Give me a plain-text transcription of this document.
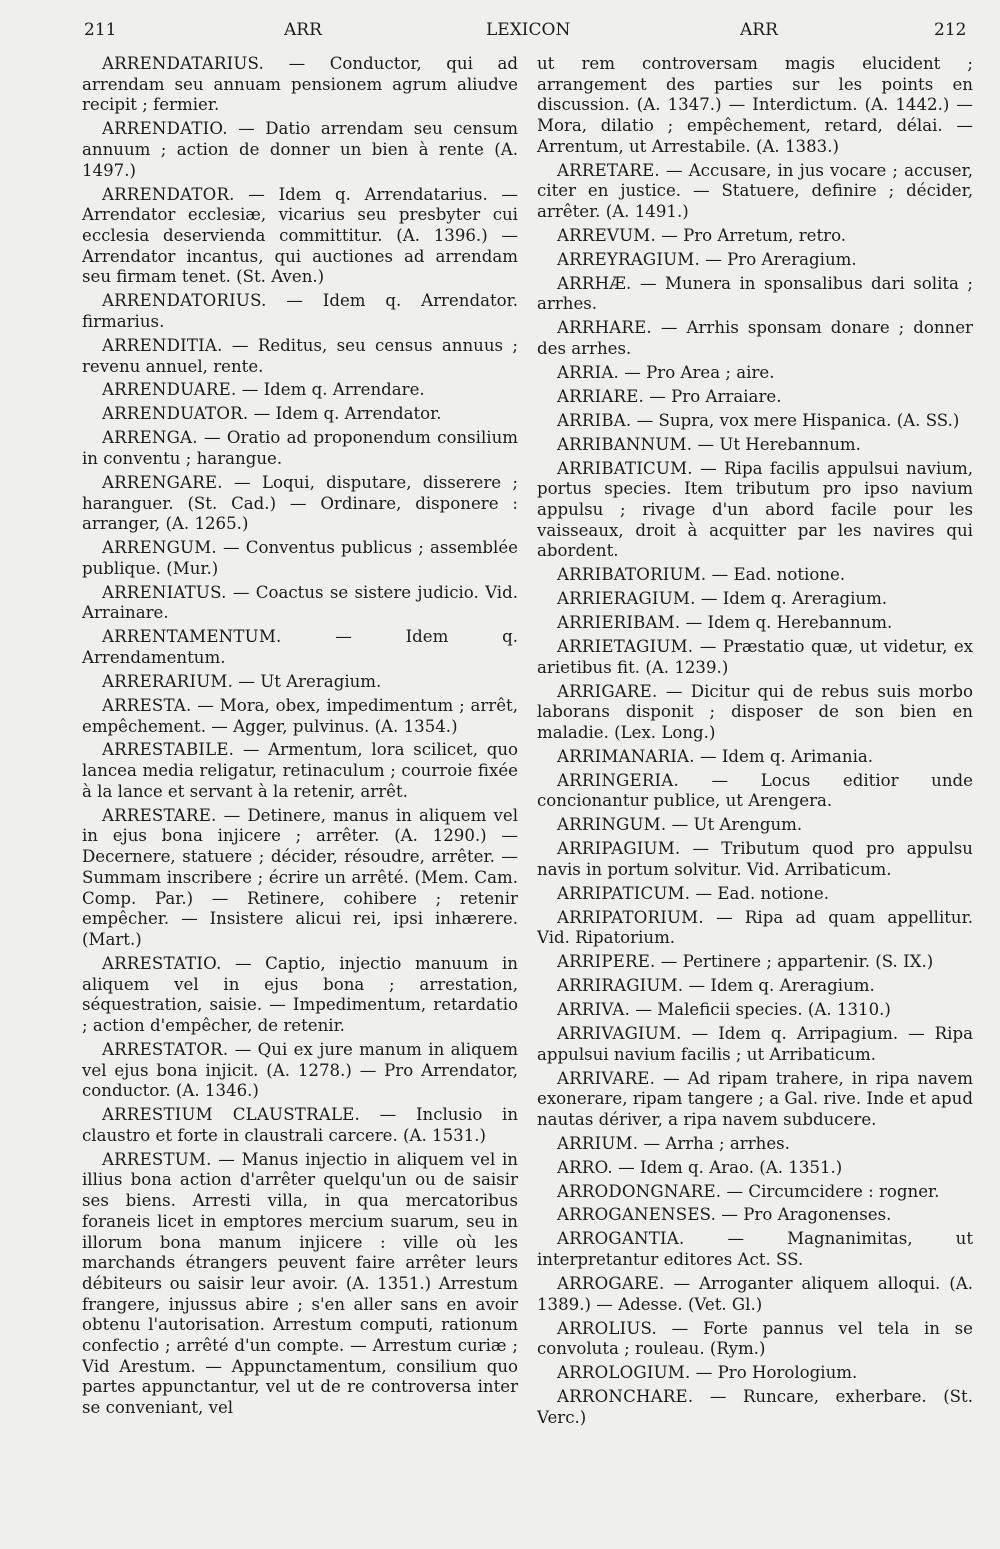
211	ARR	LEXICON	ARR	212

ARRENDATARIUS. — Conductor, qui ad arrendam seu annuam pensionem agrum aliudve recipit ; fermier.

ARRENDATIO. — Datio arrendam seu censum annuum ; action de donner un bien à rente (A. 1497.)

ARRENDATOR. — Idem q. Arrendatarius. — Arrendator ecclesiæ, vicarius seu presbyter cui ecclesia deservienda committitur. (A. 1396.) — Arrendator incantus, qui auctiones ad arrendam seu firmam tenet. (St. Aven.)

ARRENDATORIUS. — Idem q. Arrendator. firmarius.

ARRENDITIA. — Reditus, seu census annuus ; revenu annuel, rente.

ARRENDUARE. — Idem q. Arrendare.

ARRENDUATOR. — Idem q. Arrendator.

ARRENGA. — Oratio ad proponendum consilium in conventu ; harangue.

ARRENGARE. — Loqui, disputare, disserere ; haranguer. (St. Cad.) — Ordinare, disponere : arranger, (A. 1265.)

ARRENGUM. — Conventus publicus ; assemblée publique. (Mur.)

ARRENIATUS. — Coactus se sistere judicio. Vid. Arrainare.

ARRENTAMENTUM. — Idem q. Arrendamentum.

ARRERARIUM. — Ut Areragium.

ARRESTA. — Mora, obex, impedimentum ; arrêt, empêchement. — Agger, pulvinus. (A. 1354.)

ARRESTABILE. — Armentum, lora scilicet, quo lancea media religatur, retinaculum ; courroie fixée à la lance et servant à la retenir, arrêt.

ARRESTARE. — Detinere, manus in aliquem vel in ejus bona injicere ; arrêter. (A. 1290.) — Decernere, statuere ; décider, résoudre, arrêter. — Summam inscribere ; écrire un arrêté. (Mem. Cam. Comp. Par.) — Retinere, cohibere ; retenir empêcher. — Insistere alicui rei, ipsi inhærere. (Mart.)

ARRESTATIO. — Captio, injectio manuum in aliquem vel in ejus bona ; arrestation, séquestration, saisie. — Impedimentum, retardatio ; action d'empêcher, de retenir.

ARRESTATOR. — Qui ex jure manum in aliquem vel ejus bona injicit. (A. 1278.) — Pro Arrendator, conductor. (A. 1346.)

ARRESTIUM CLAUSTRALE. — Inclusio in claustro et forte in claustrali carcere. (A. 1531.)

ARRESTUM. — Manus injectio in aliquem vel in illius bona action d'arrêter quelqu'un ou de saisir ses biens. Arresti villa, in qua mercatoribus foraneis licet in emptores mercium suarum, seu in illorum bona manum injicere : ville où les marchands étrangers peuvent faire arrêter leurs débiteurs ou saisir leur avoir. (A. 1351.) Arrestum frangere, injussus abire ; s'en aller sans en avoir obtenu l'autorisation. Arrestum computi, rationum confectio ; arrêté d'un compte. — Arrestum curiæ ; Vid Arestum. — Appunctamentum, consilium quo partes appunctantur, vel ut de re controversa inter se conveniant, vel

ut rem controversam magis elucident ; arrangement des parties sur les points en discussion. (A. 1347.) — Interdictum. (A. 1442.) — Mora, dilatio ; empêchement, retard, délai. — Arrentum, ut Arrestabile. (A. 1383.)

ARRETARE. — Accusare, in jus vocare ; accuser, citer en justice. — Statuere, definire ; décider, arrêter. (A. 1491.)

ARREVUM. — Pro Arretum, retro.

ARREYRAGIUM. — Pro Areragium.

ARRHÆ. — Munera in sponsalibus dari solita ; arrhes.

ARRHARE. — Arrhis sponsam donare ; donner des arrhes.

ARRIA. — Pro Area ; aire.

ARRIARE. — Pro Arraiare.

ARRIBA. — Supra, vox mere Hispanica. (A. SS.)

ARRIBANNUM. — Ut Herebannum.

ARRIBATICUM. — Ripa facilis appulsui navium, portus species. Item tributum pro ipso navium appulsu ; rivage d'un abord facile pour les vaisseaux, droit à acquitter par les navires qui abordent.

ARRIBATORIUM. — Ead. notione.

ARRIERAGIUM. — Idem q. Areragium.

ARRIERIBAM. — Idem q. Herebannum.

ARRIETAGIUM. — Præstatio quæ, ut videtur, ex arietibus fit. (A. 1239.)

ARRIGARE. — Dicitur qui de rebus suis morbo laborans disponit ; disposer de son bien en maladie. (Lex. Long.)

ARRIMANARIA. — Idem q. Arimania.

ARRINGERIA. — Locus editior unde concionantur publice, ut Arengera.

ARRINGUM. — Ut Arengum.

ARRIPAGIUM. — Tributum quod pro appulsu navis in portum solvitur. Vid. Arribaticum.

ARRIPATICUM. — Ead. notione.

ARRIPATORIUM. — Ripa ad quam appellitur. Vid. Ripatorium.

ARRIPERE. — Pertinere ; appartenir. (S. IX.)

ARRIRAGIUM. — Idem q. Areragium.

ARRIVA. — Maleficii species. (A. 1310.)

ARRIVAGIUM. — Idem q. Arripagium. — Ripa appulsui navium facilis ; ut Arribaticum.

ARRIVARE. — Ad ripam trahere, in ripa navem exonerare, ripam tangere ; a Gal. rive. Inde et apud nautas dériver, a ripa navem subducere.

ARRIUM. — Arrha ; arrhes.

ARRO. — Idem q. Arao. (A. 1351.)

ARRODONGNARE. — Circumcidere : rogner.

ARROGANENSES. — Pro Aragonenses.

ARROGANTIA. — Magnanimitas, ut interpretantur editores Act. SS.

ARROGARE. — Arroganter aliquem alloqui. (A. 1389.) — Adesse. (Vet. Gl.)

ARROLIUS. — Forte pannus vel tela in se convoluta ; rouleau. (Rym.)

ARROLOGIUM. — Pro Horologium.

ARRONCHARE. — Runcare, exherbare. (St. Verc.)
